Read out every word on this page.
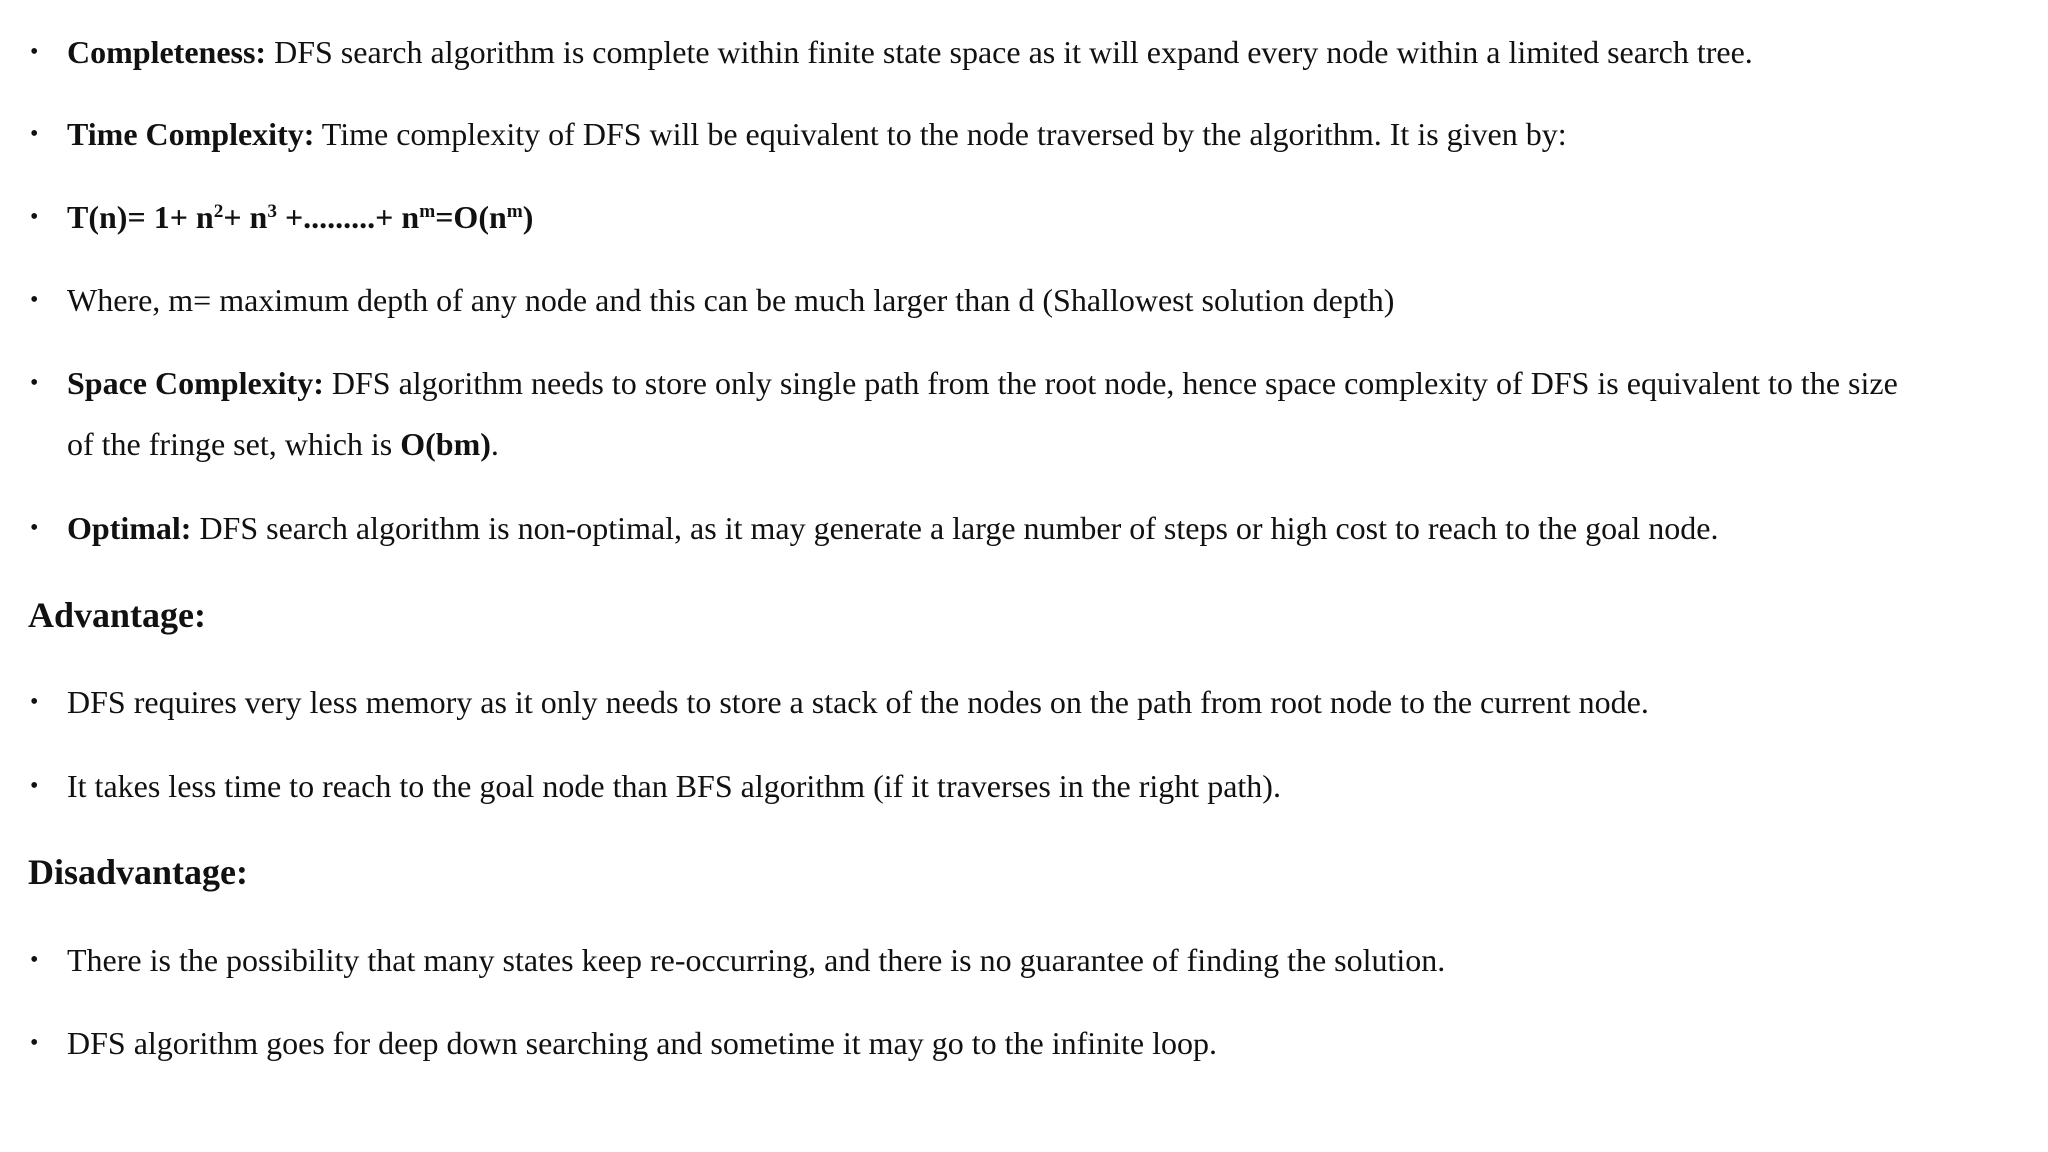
• Completeness: DFS search algorithm is complete within finite state space as it will expand every node within a limited search tree.
• Time Complexity: Time complexity of DFS will be equivalent to the node traversed by the algorithm. It is given by:
• $T(n)= 1+ n^2+ n^3$ +.........+ $n^m=O(n^m)$
• Where, m= maximum depth of any node and this can be much larger than d (Shallowest solution depth)
• Space Complexity: DFS algorithm needs to store only single path from the root node, hence space complexity of DFS is equivalent to the size
of the fringe set, which is O(bm).
• Optimal: DFS search algorithm is non-optimal, as it may generate a large number of steps or high cost to reach to the goal node.
Advantage:
• DFS requires very less memory as it only needs to store a stack of the nodes on the path from root node to the current node.
• It takes less time to reach to the goal node than BFS algorithm (if it traverses in the right path).
Disadvantage:
• There is the possibility that many states keep re-occurring, and there is no guarantee of finding the solution.
• DFS algorithm goes for deep down searching and sometime it may go to the infinite loop.
